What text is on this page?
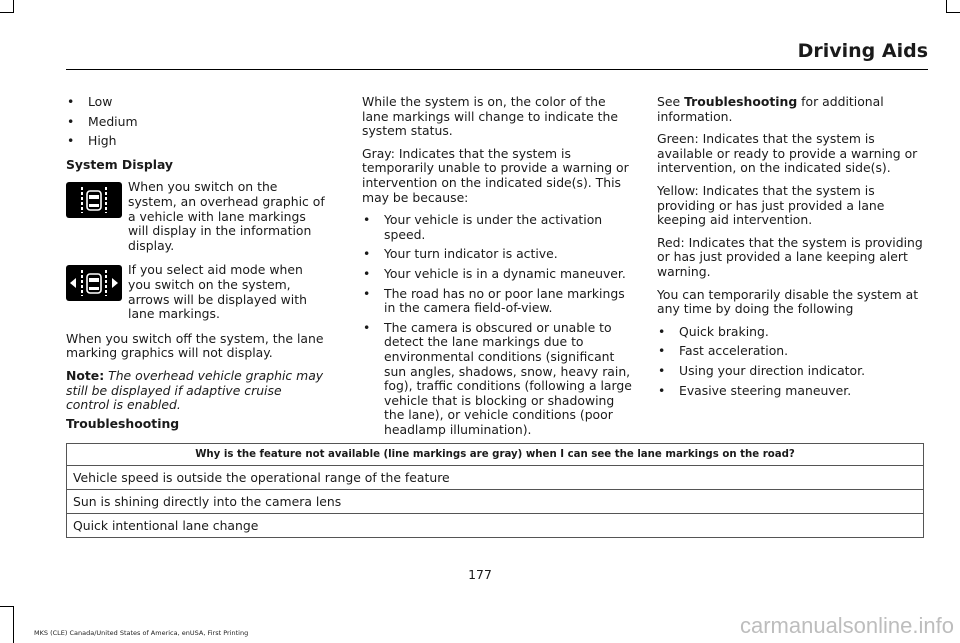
Driving Aids
• Low
• Medium
• High

System Display

When you switch on the system, an overhead graphic of a vehicle with lane markings will display in the information display.
If you select aid mode when you switch on the system, arrows will be displayed with lane markings.

When you switch off the system, the lane marking graphics will not display.

Note: The overhead vehicle graphic may still be displayed if adaptive cruise control is enabled.

While the system is on, the color of the lane markings will change to indicate the system status.

Gray: Indicates that the system is temporarily unable to provide a warning or intervention on the indicated side(s). This may be because:

• Your vehicle is under the activation speed.
• Your turn indicator is active.
• Your vehicle is in a dynamic maneuver.
• The road has no or poor lane markings in the camera field-of-view.
• The camera is obscured or unable to detect the lane markings due to environmental conditions (significant sun angles, shadows, snow, heavy rain, fog), traffic conditions (following a large vehicle that is blocking or shadowing the lane), or vehicle conditions (poor headlamp illumination).

See Troubleshooting for additional information.

Green: Indicates that the system is available or ready to provide a warning or intervention, on the indicated side(s).

Yellow: Indicates that the system is providing or has just provided a lane keeping aid intervention.

Red: Indicates that the system is providing or has just provided a lane keeping alert warning.

You can temporarily disable the system at any time by doing the following

• Quick braking.
• Fast acceleration.
• Using your direction indicator.
• Evasive steering maneuver.
Troubleshooting
Why is the feature not available (line markings are gray) when I can see the lane markings on the road?
Vehicle speed is outside the operational range of the feature
Sun is shining directly into the camera lens
Quick intentional lane change
177
MKS (CLE) Canada/United States of America, enUSA, First Printing	carmanualsonline.info
